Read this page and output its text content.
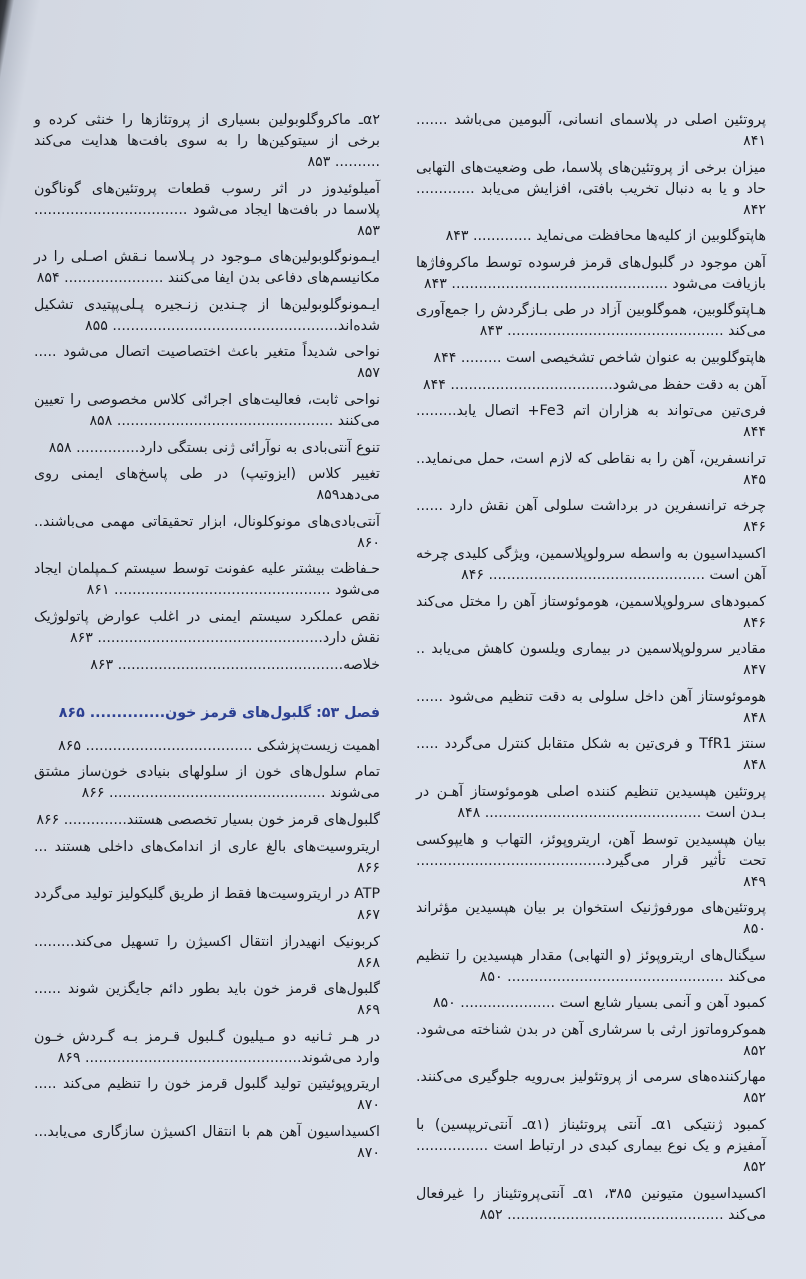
پروتئین اصلی در پلاسمای انسانی، آلبومین می‌باشد ....... ۸۴۱

میزان برخی از پروتئین‌های پلاسما، طی وضعیت‌های التهابی حاد و یا به دنبال تخریب بافتی، افزایش می‌یابد ............. ۸۴۲

هاپتوگلوبین از کلیه‌ها محافظت می‌نماید ............. ۸۴۳

آهن موجود در گلبول‌های قرمز فرسوده توسط ماکروفاژها بازیافت می‌شود ................................................ ۸۴۳

هـاپتوگلوبین، هموگلوبین آزاد در طی بـازگردش را جمع‌آوری می‌کند ................................................ ۸۴۳

هاپتوگلوبین به عنوان شاخص تشخیصی است ......... ۸۴۴

آهن به دقت حفظ می‌شود.................................... ۸۴۴

فری‌تین می‌تواند به هزاران اتم Fe3+ اتصال یابد......... ۸۴۴

ترانسفرین، آهن را به نقاطی که لازم است، حمل می‌نماید.. ۸۴۵

چرخه ترانسفرین در برداشت سلولی آهن نقش دارد ...... ۸۴۶

اکسیداسیون به واسطه سرولوپلاسمین، ویژگی کلیدی چرخه آهن است ................................................ ۸۴۶

کمبودهای سرولوپلاسمین، هوموئوستاز آهن را مختل می‌کند ۸۴۶

مقادیر سرولوپلاسمین در بیماری ویلسون کاهش می‌یابد .. ۸۴۷

هوموئوستاز آهن داخل سلولی به دقت تنظیم می‌شود ...... ۸۴۸

سنتز TfR1 و فری‌تین به شکل متقابل کنترل می‌گردد ..... ۸۴۸

پروتئین هپسیدین تنظیم کننده اصلی هوموئوستاز آهـن در بـدن است ................................................ ۸۴۸

بیان هپسیدین توسط آهن، اریتروپوئز، التهاب و هایپوکسی تحت تأثیر قرار می‌گیرد.......................................... ۸۴۹

پروتئین‌های مورفوژنیک استخوان بر بیان هپسیدین مؤثراند ۸۵۰

سیگنال‌های اریتروپوئز (و التهابی) مقدار هپسیدین را تنظیم می‌کند ................................................ ۸۵۰

کمبود آهن و آنمی بسیار شایع است ..................... ۸۵۰

هموکروماتوز ارثی با سرشاری آهن در بدن شناخته می‌شود. ۸۵۲

مهارکننده‌های سرمی از پروتئولیز بی‌رویه جلوگیری می‌کنند. ۸۵۲

کمبود ژنتیکی α۱ـ آنتی پروتئیناز (α۱ـ آنتی‌تریپسین) با آمفیزم و یک نوع بیماری کبدی در ارتباط است ................ ۸۵۲

اکسیداسیون متیونین ۳۸۵، α۱ـ آنتی‌پروتئیناز را غیرفعال می‌کند ................................................ ۸۵۲

α۲ـ ماکروگلوبولین بسیاری از پروتئازها را خنثی کرده و برخی از سیتوکین‌ها را به سوی بافت‌ها هدایت می‌کند .......... ۸۵۳

آمیلوئیدوز در اثر رسوب قطعات پروتئین‌های گوناگون پلاسما در بافت‌ها ایجاد می‌شود .................................. ۸۵۳

ایـمونوگلوبولین‌های مـوجود در پـلاسما نـقش اصـلی را در مکانیسم‌های دفاعی بدن ایفا می‌کنند ...................... ۸۵۴

ایـمونوگلوبولین‌ها از چـندین زنـجیره پـلی‌پپتیدی تشکیل شده‌اند.................................................. ۸۵۵

نواحی شدیداً متغیر باعث اختصاصیت اتصال می‌شود ..... ۸۵۷

نواحی ثابت، فعالیت‌های اجرائی کلاس مخصوصی را تعیین می‌کنند ................................................ ۸۵۸

تنوع آنتی‌بادی به نوآرائی ژنی بستگی دارد.............. ۸۵۸

تغییر کلاس (ایزوتیپ) در طی پاسخ‌های ایمنی روی می‌دهد۸۵۹

آنتی‌بادی‌های مونوکلونال، ابزار تحقیقاتی مهمی می‌باشند.. ۸۶۰

حـفاظت بیشتر علیه عفونت توسط سیستم کـمپلمان ایجاد می‌شود ................................................ ۸۶۱

نقص عملکرد سیستم ایمنی در اغلب عوارض پاتولوژیک نقش دارد.................................................. ۸۶۳

خلاصه.................................................. ۸۶۳

فصل ۵۳: گلبول‌های قرمز خون.............. ۸۶۵

اهمیت زیست‌پزشکی ..................................... ۸۶۵

تمام سلول‌های خون از سلولهای بنیادی خون‌ساز مشتق می‌شوند ................................................ ۸۶۶

گلبول‌های قرمز خون بسیار تخصصی هستند.............. ۸۶۶

اریتروسیت‌های بالغ عاری از اندامک‌های داخلی هستند ... ۸۶۶

ATP در اریتروسیت‌ها فقط از طریق گلیکولیز تولید می‌گردد ۸۶۷

کربونیک انهیدراز انتقال اکسیژن را تسهیل می‌کند......... ۸۶۸

گلبول‌های قرمز خون باید بطور دائم جایگزین شوند ...... ۸۶۹

در هـر ثـانیه دو مـیلیون گـلبول قـرمز بـه گـردش خـون وارد می‌شوند................................................ ۸۶۹

اریتروپوئیتین تولید گلبول قرمز خون را تنظیم می‌کند ..... ۸۷۰

اکسیداسیون آهن هم با انتقال اکسیژن سازگاری می‌یابد... ۸۷۰
